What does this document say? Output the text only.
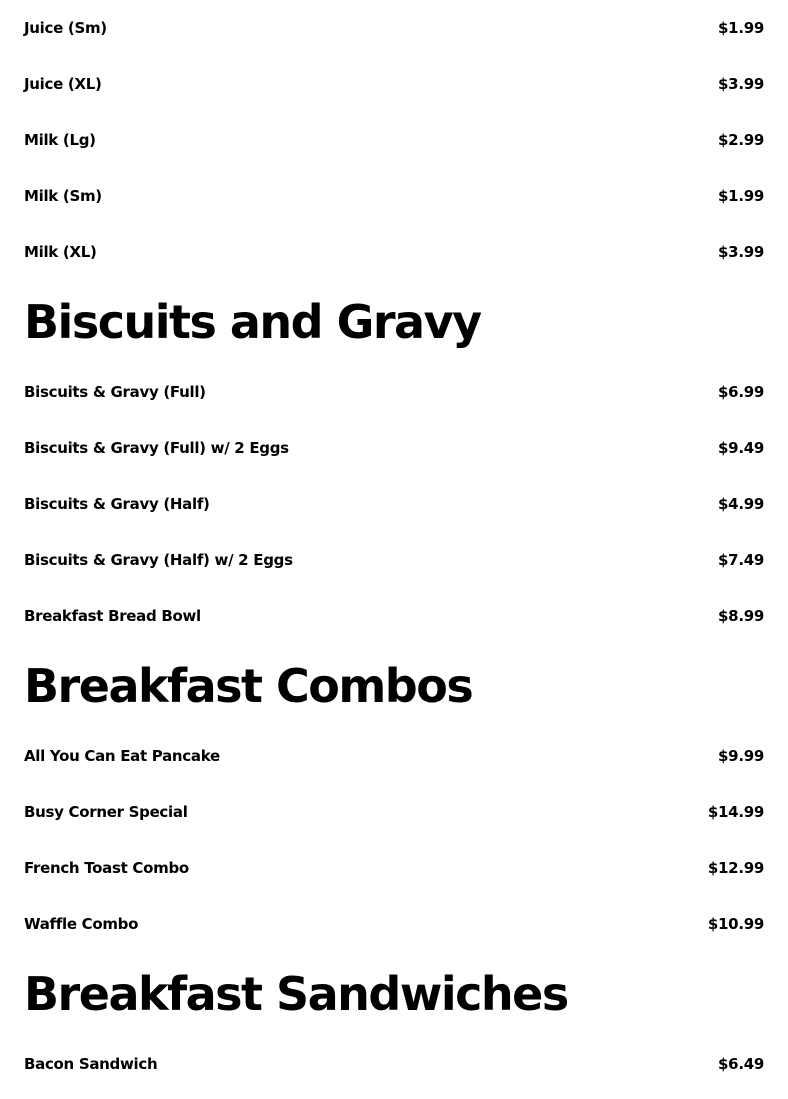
Juice (Sm)	$1.99
Juice (XL)	$3.99
Milk (Lg)	$2.99
Milk (Sm)	$1.99
Milk (XL)	$3.99
Biscuits and Gravy
Biscuits & Gravy (Full)	$6.99
Biscuits & Gravy (Full) w/ 2 Eggs	$9.49
Biscuits & Gravy (Half)	$4.99
Biscuits & Gravy (Half) w/ 2 Eggs	$7.49
Breakfast Bread Bowl	$8.99
Breakfast Combos
All You Can Eat Pancake	$9.99
Busy Corner Special	$14.99
French Toast Combo	$12.99
Waffle Combo	$10.99
Breakfast Sandwiches
Bacon Sandwich	$6.49
